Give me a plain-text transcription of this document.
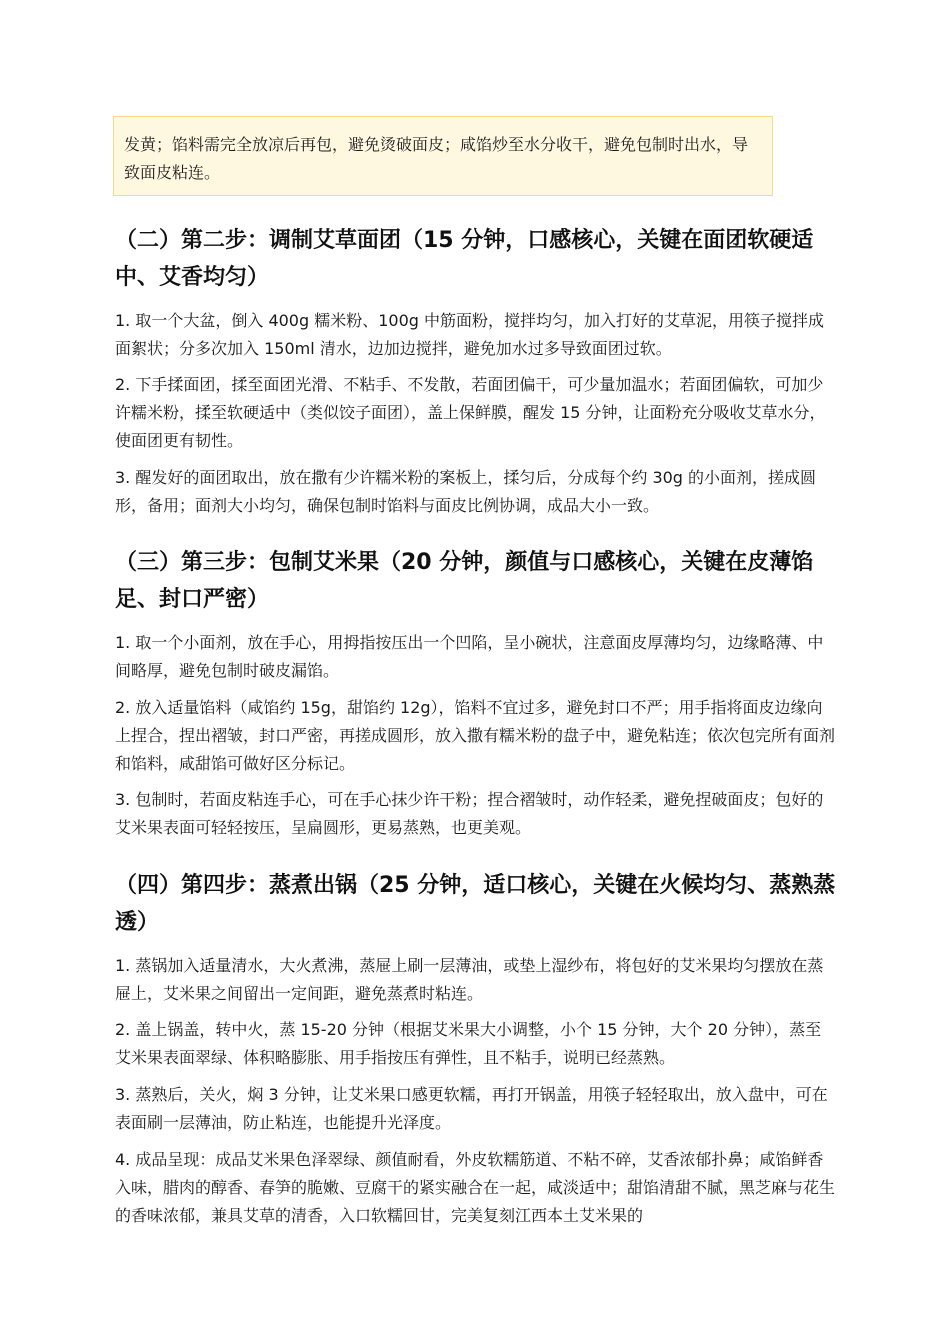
发黄；馅料需完全放凉后再包，避免烫破面皮；咸馅炒至水分收干，避免包制时出水，导致面皮粘连。
（二）第二步：调制艾草面团（15 分钟，口感核心，关键在面团软硬适中、艾香均匀）
1. 取一个大盆，倒入 400g 糯米粉、100g 中筋面粉，搅拌均匀，加入打好的艾草泥，用筷子搅拌成面絮状；分多次加入 150ml 清水，边加边搅拌，避免加水过多导致面团过软。
2. 下手揉面团，揉至面团光滑、不粘手、不发散，若面团偏干，可少量加温水；若面团偏软，可加少许糯米粉，揉至软硬适中（类似饺子面团），盖上保鲜膜，醒发 15 分钟，让面粉充分吸收艾草水分，使面团更有韧性。
3. 醒发好的面团取出，放在撒有少许糯米粉的案板上，揉匀后，分成每个约 30g 的小面剂，搓成圆形，备用；面剂大小均匀，确保包制时馅料与面皮比例协调，成品大小一致。
（三）第三步：包制艾米果（20 分钟，颜值与口感核心，关键在皮薄馅足、封口严密）
1. 取一个小面剂，放在手心，用拇指按压出一个凹陷，呈小碗状，注意面皮厚薄均匀，边缘略薄、中间略厚，避免包制时破皮漏馅。
2. 放入适量馅料（咸馅约 15g，甜馅约 12g），馅料不宜过多，避免封口不严；用手指将面皮边缘向上捏合，捏出褶皱，封口严密，再搓成圆形，放入撒有糯米粉的盘子中，避免粘连；依次包完所有面剂和馅料，咸甜馅可做好区分标记。
3. 包制时，若面皮粘连手心，可在手心抹少许干粉；捏合褶皱时，动作轻柔，避免捏破面皮；包好的艾米果表面可轻轻按压，呈扁圆形，更易蒸熟，也更美观。
（四）第四步：蒸煮出锅（25 分钟，适口核心，关键在火候均匀、蒸熟蒸透）
1. 蒸锅加入适量清水，大火煮沸，蒸屉上刷一层薄油，或垫上湿纱布，将包好的艾米果均匀摆放在蒸屉上，艾米果之间留出一定间距，避免蒸煮时粘连。
2. 盖上锅盖，转中火，蒸 15-20 分钟（根据艾米果大小调整，小个 15 分钟，大个 20 分钟），蒸至艾米果表面翠绿、体积略膨胀、用手指按压有弹性，且不粘手，说明已经蒸熟。
3. 蒸熟后，关火，焖 3 分钟，让艾米果口感更软糯，再打开锅盖，用筷子轻轻取出，放入盘中，可在表面刷一层薄油，防止粘连，也能提升光泽度。
4. 成品呈现：成品艾米果色泽翠绿、颜值耐看，外皮软糯筋道、不粘不碎，艾香浓郁扑鼻；咸馅鲜香入味，腊肉的醇香、春笋的脆嫩、豆腐干的紧实融合在一起，咸淡适中；甜馅清甜不腻，黑芝麻与花生的香味浓郁，兼具艾草的清香，入口软糯回甘，完美复刻江西本土艾米果的
